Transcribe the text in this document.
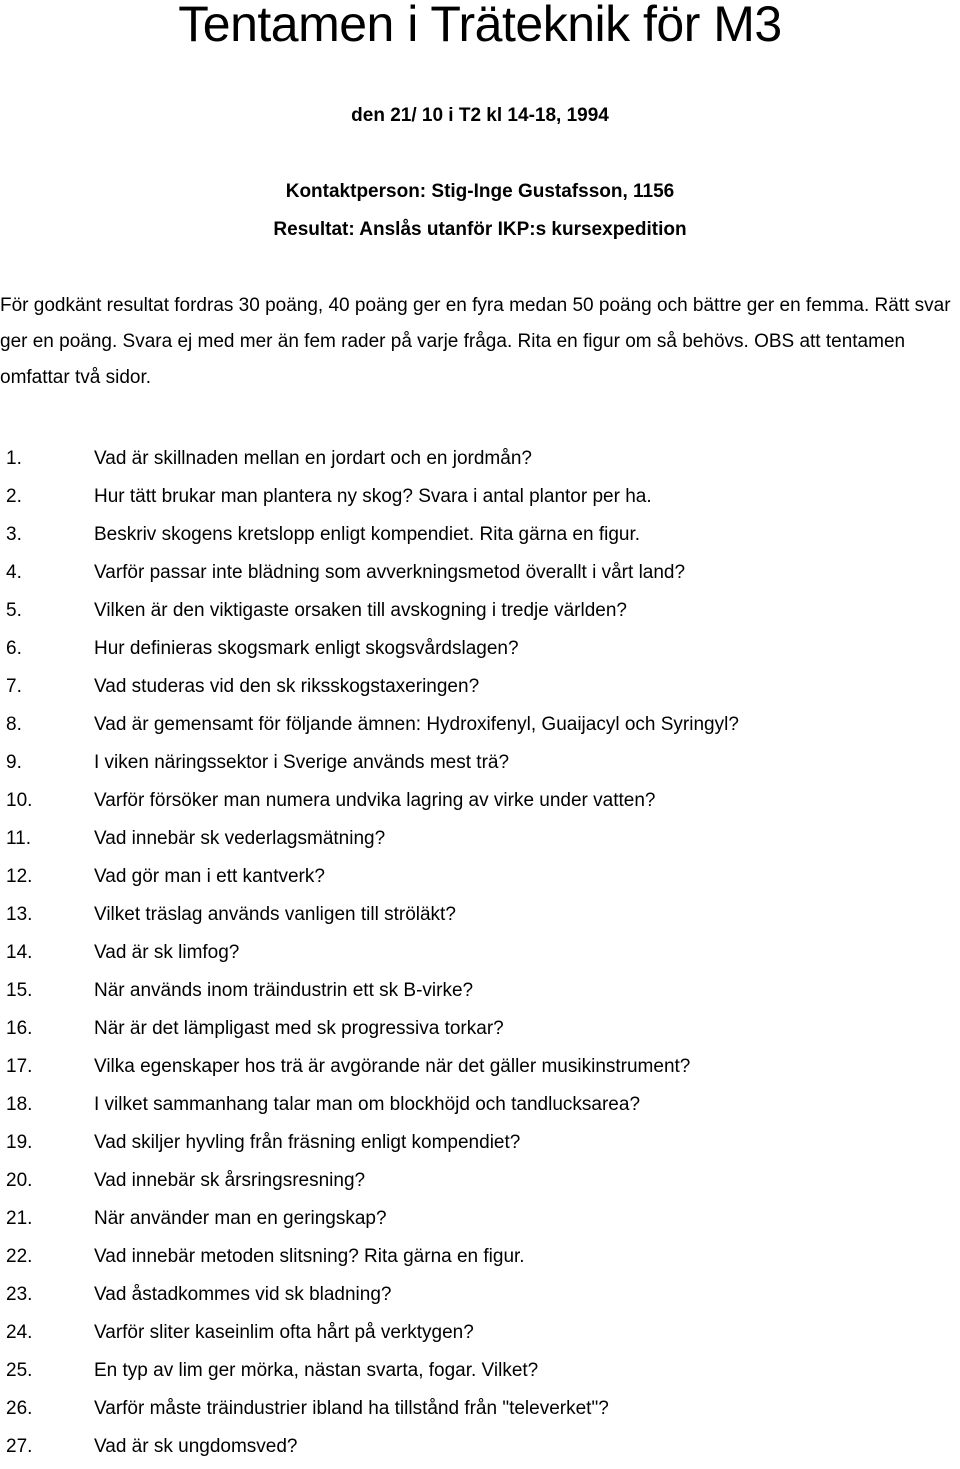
Tentamen i Träteknik för M3
den 21/ 10 i T2 kl 14-18, 1994
Kontaktperson: Stig-Inge Gustafsson, 1156
Resultat: Anslås utanför IKP:s kursexpedition

För godkänt resultat fordras 30 poäng, 40 poäng ger en fyra medan 50 poäng och bättre ger en femma. Rätt svar ger en poäng. Svara ej med mer än fem rader på varje fråga. Rita en figur om så behövs. OBS att tentamen omfattar två sidor.

1.	Vad är skillnaden mellan en jordart och en jordmån?
2.	Hur tätt brukar man plantera ny skog? Svara i antal plantor per ha.
3.	Beskriv skogens kretslopp enligt kompendiet. Rita gärna en figur.
4.	Varför passar inte blädning som avverkningsmetod överallt i vårt land?
5.	Vilken är den viktigaste orsaken till avskogning i tredje världen?
6.	Hur definieras skogsmark enligt skogsvårdslagen?
7.	Vad studeras vid den sk riksskogstaxeringen?
8.	Vad är gemensamt för följande ämnen: Hydroxifenyl, Guaijacyl och Syringyl?
9.	I viken näringssektor i Sverige används mest trä?
10.	Varför försöker man numera undvika lagring av virke under vatten?
11.	Vad innebär sk vederlagsmätning?
12.	Vad gör man i ett kantverk?
13.	Vilket träslag används vanligen till ströläkt?
14.	Vad är sk limfog?
15.	När används inom träindustrin ett sk B-virke?
16.	När är det lämpligast med sk progressiva torkar?
17.	Vilka egenskaper hos trä är avgörande när det gäller musikinstrument?
18.	I vilket sammanhang talar man om blockhöjd och tandlucksarea?
19.	Vad skiljer hyvling från fräsning enligt kompendiet?
20.	Vad innebär sk årsringsresning?
21.	När använder man en geringskap?
22.	Vad innebär metoden slitsning? Rita gärna en figur.
23.	Vad åstadkommes vid sk bladning?
24.	Varför sliter kaseinlim ofta hårt på verktygen?
25.	En typ av lim ger mörka, nästan svarta, fogar. Vilket?
26.	Varför måste träindustrier ibland ha tillstånd från "televerket"?
27.	Vad är sk ungdomsved?
